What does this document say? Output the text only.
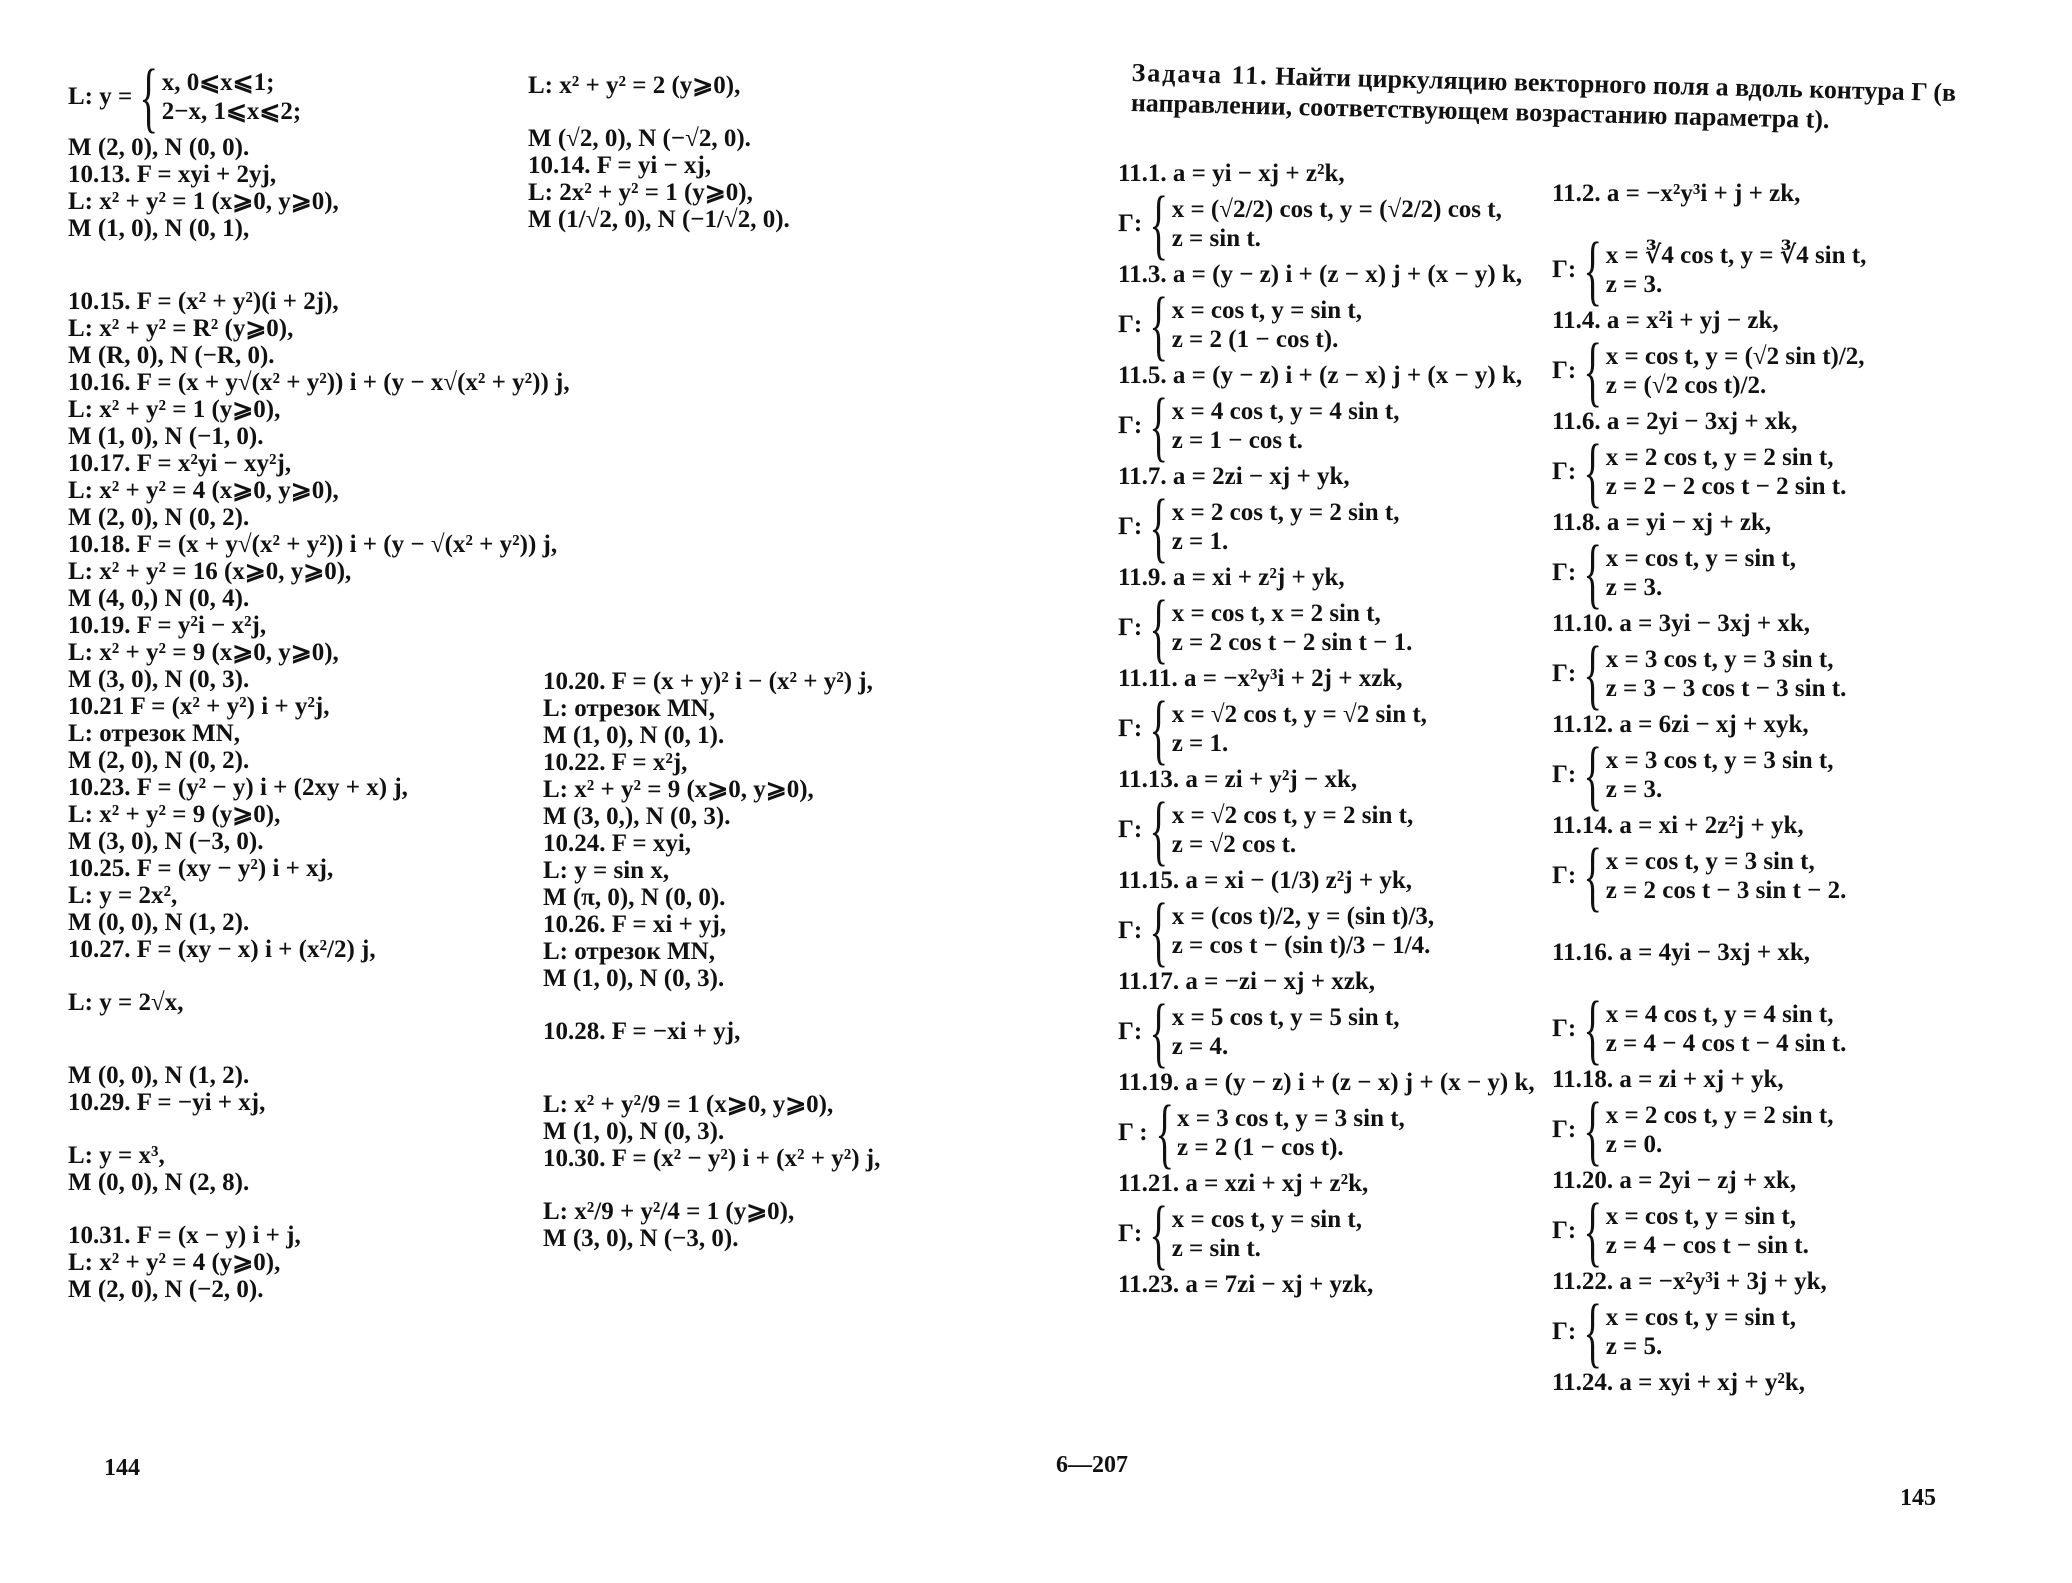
L: y = { x, 0⩽x⩽1;
2−x, 1⩽x⩽2;
M (2, 0), N (0, 0).
10.13. F = xyi + 2yj,
L: x² + y² = 1 (x⩾0, y⩾0),
M (1, 0), N (0, 1),
10.15. F = (x² + y²)(i + 2j),
L: x² + y² = R² (y⩾0),
M (R, 0), N (−R, 0).
10.16. F = (x + y√(x² + y²)) i + (y − x√(x² + y²)) j,
L: x² + y² = 1 (y⩾0),
M (1, 0), N (−1, 0).
10.17. F = x²yi − xy²j,
L: x² + y² = 4 (x⩾0, y⩾0),
M (2, 0), N (0, 2).
10.18. F = (x + y√(x² + y²)) i + (y − √(x² + y²)) j,
L: x² + y² = 16 (x⩾0, y⩾0),
M (4, 0,) N (0, 4).
10.19. F = y²i − x²j,
L: x² + y² = 9 (x⩾0, y⩾0),
M (3, 0), N (0, 3).
10.21 F = (x² + y²) i + y²j,
L: отрезок MN,
M (2, 0), N (0, 2).
10.23. F = (y² − y) i + (2xy + x) j,
L: x² + y² = 9 (y⩾0),
M (3, 0), N (−3, 0).
10.25. F = (xy − y²) i + xj,
L: y = 2x²,
M (0, 0), N (1, 2).
10.27. F = (xy − x) i + (x²/2) j,
L: y = 2√x,
M (0, 0), N (1, 2).
10.29. F = −yi + xj,
L: y = x³,
M (0, 0), N (2, 8).
10.31. F = (x − y) i + j,
L: x² + y² = 4 (y⩾0),
M (2, 0), N (−2, 0).
L: x² + y² = 2 (y⩾0),
M (√2, 0), N (−√2, 0).
10.14. F = yi − xj,
L: 2x² + y² = 1 (y⩾0),
M (1/√2, 0), N (−1/√2, 0).
10.20. F = (x + y)² i − (x² + y²) j,
L: отрезок MN,
M (1, 0), N (0, 1).
10.22. F = x²j,
L: x² + y² = 9 (x⩾0, y⩾0),
M (3, 0,), N (0, 3).
10.24. F = xyi,
L: y = sin x,
M (π, 0), N (0, 0).
10.26. F = xi + yj,
L: отрезок MN,
M (1, 0), N (0, 3).
10.28. F = −xi + yj,
L: x² + y²/9 = 1 (x⩾0, y⩾0),
M (1, 0), N (0, 3).
10.30. F = (x² − y²) i + (x² + y²) j,
L: x²/9 + y²/4 = 1 (y⩾0),
M (3, 0), N (−3, 0).
144
Задача 11. Найти циркуляцию векторного поля a вдоль контура Γ (в направлении, соответствующем возрастанию параметра t).
11.1. a = yi − xj + z²k,
Γ: { x = (√2/2) cos t, y = (√2/2) cos t,
z = sin t.
11.3. a = (y − z) i + (z − x) j + (x − y) k,
Γ: { x = cos t, y = sin t,
z = 2 (1 − cos t).
11.5. a = (y − z) i + (z − x) j + (x − y) k,
Γ: { x = 4 cos t, y = 4 sin t,
z = 1 − cos t.
11.7. a = 2zi − xj + yk,
Γ: { x = 2 cos t, y = 2 sin t,
z = 1.
11.9. a = xi + z²j + yk,
Γ: { x = cos t, x = 2 sin t,
z = 2 cos t − 2 sin t − 1.
11.11. a = −x²y³i + 2j + xzk,
Γ: { x = √2 cos t, y = √2 sin t,
z = 1.
11.13. a = zi + y²j − xk,
Γ: { x = √2 cos t, y = 2 sin t,
z = √2 cos t.
11.15. a = xi − (1/3) z²j + yk,
Γ: { x = (cos t)/2, y = (sin t)/3,
z = cos t − (sin t)/3 − 1/4.
11.17. a = −zi − xj + xzk,
Γ: { x = 5 cos t, y = 5 sin t,
z = 4.
11.19. a = (y − z) i + (z − x) j + (x − y) k,
Γ : { x = 3 cos t, y = 3 sin t,
z = 2 (1 − cos t).
11.21. a = xzi + xj + z²k,
Γ: { x = cos t, y = sin t,
z = sin t.
11.23. a = 7zi − xj + yzk,
11.2. a = −x²y³i + j + zk,
Γ: { x = ∛4 cos t, y = ∛4 sin t,
z = 3.
11.4. a = x²i + yj − zk,
Γ: { x = cos t, y = (√2 sin t)/2,
z = (√2 cos t)/2.
11.6. a = 2yi − 3xj + xk,
Γ: { x = 2 cos t, y = 2 sin t,
z = 2 − 2 cos t − 2 sin t.
11.8. a = yi − xj + zk,
Γ: { x = cos t, y = sin t,
z = 3.
11.10. a = 3yi − 3xj + xk,
Γ: { x = 3 cos t, y = 3 sin t,
z = 3 − 3 cos t − 3 sin t.
11.12. a = 6zi − xj + xyk,
Γ: { x = 3 cos t, y = 3 sin t,
z = 3.
11.14. a = xi + 2z²j + yk,
Γ: { x = cos t, y = 3 sin t,
z = 2 cos t − 3 sin t − 2.
11.16. a = 4yi − 3xj + xk,
Γ: { x = 4 cos t, y = 4 sin t,
z = 4 − 4 cos t − 4 sin t.
11.18. a = zi + xj + yk,
Γ: { x = 2 cos t, y = 2 sin t,
z = 0.
11.20. a = 2yi − zj + xk,
Γ: { x = cos t, y = sin t,
z = 4 − cos t − sin t.
11.22. a = −x²y³i + 3j + yk,
Γ: { x = cos t, y = sin t,
z = 5.
11.24. a = xyi + xj + y²k,
6—207
145
